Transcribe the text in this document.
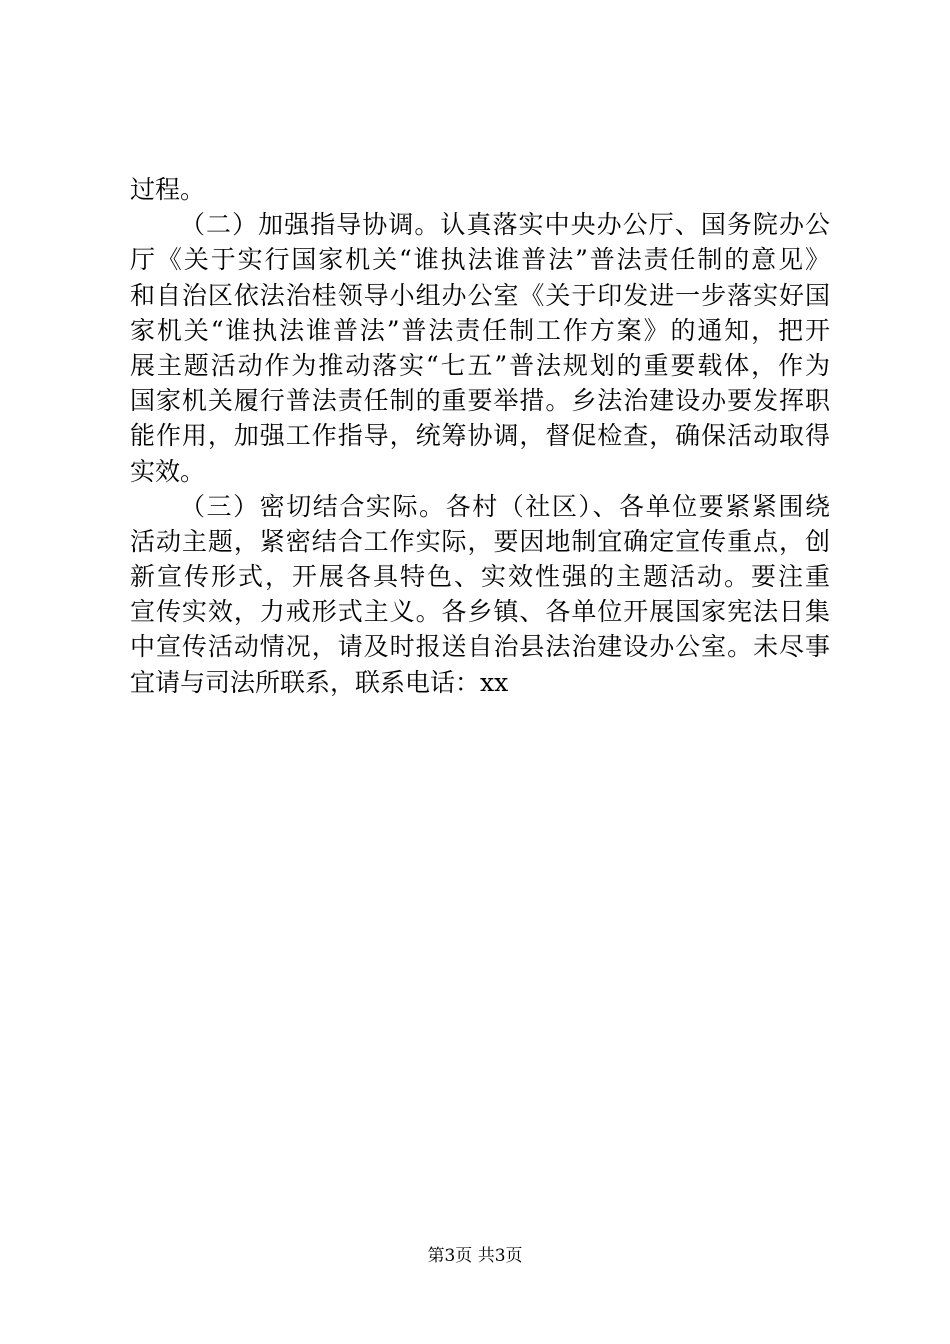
过程。
（二）加强指导协调。认真落实中央办公厅、国务院办公
厅《关于实行国家机关“谁执法谁普法”普法责任制的意见》
和自治区依法治桂领导小组办公室《关于印发进一步落实好国
家机关“谁执法谁普法”普法责任制工作方案》的通知，把开
展主题活动作为推动落实“七五”普法规划的重要载体，作为
国家机关履行普法责任制的重要举措。乡法治建设办要发挥职
能作用，加强工作指导，统筹协调，督促检查，确保活动取得
实效。
（三）密切结合实际。各村（社区）、各单位要紧紧围绕
活动主题，紧密结合工作实际，要因地制宜确定宣传重点，创
新宣传形式，开展各具特色、实效性强的主题活动。要注重
宣传实效，力戒形式主义。各乡镇、各单位开展国家宪法日集
中宣传活动情况，请及时报送自治县法治建设办公室。未尽事
宜请与司法所联系，联系电话：xx
第3页 共3页
